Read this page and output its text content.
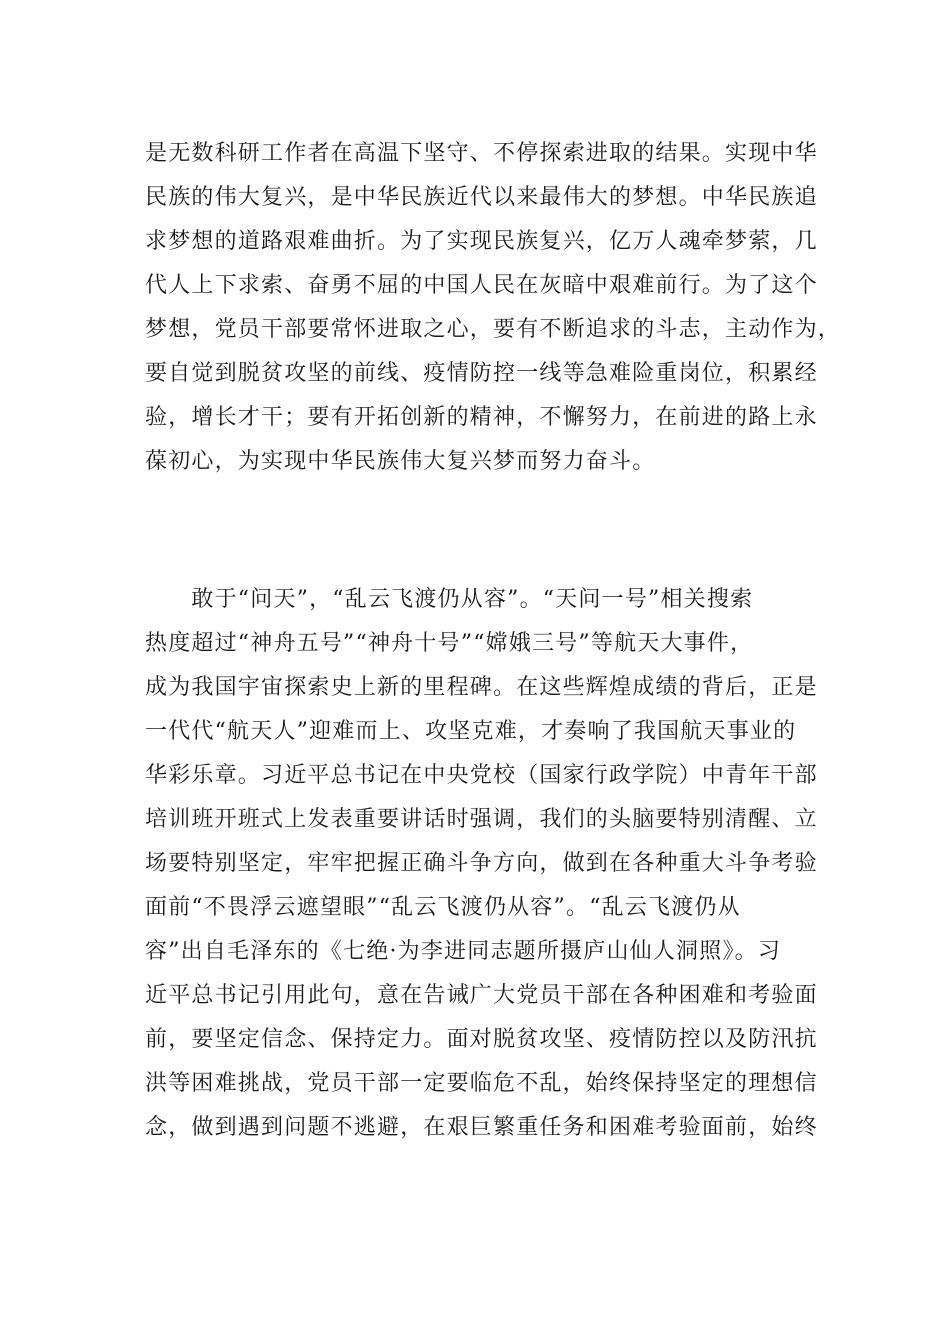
是无数科研工作者在高温下坚守、不停探索进取的结果。实现中华
民族的伟大复兴，是中华民族近代以来最伟大的梦想。中华民族追
求梦想的道路艰难曲折。为了实现民族复兴，亿万人魂牵梦萦，几
代人上下求索、奋勇不屈的中国人民在灰暗中艰难前行。为了这个
梦想，党员干部要常怀进取之心，要有不断追求的斗志，主动作为，
要自觉到脱贫攻坚的前线、疫情防控一线等急难险重岗位，积累经
验，增长才干；要有开拓创新的精神，不懈努力，在前进的路上永
葆初心，为实现中华民族伟大复兴梦而努力奋斗。
　　敢于“问天”，“乱云飞渡仍从容”。“天问一号”相关搜索
热度超过“神舟五号”“神舟十号”“嫦娥三号”等航天大事件，
成为我国宇宙探索史上新的里程碑。在这些辉煌成绩的背后，正是
一代代“航天人”迎难而上、攻坚克难，才奏响了我国航天事业的
华彩乐章。习近平总书记在中央党校（国家行政学院）中青年干部
培训班开班式上发表重要讲话时强调，我们的头脑要特别清醒、立
场要特别坚定，牢牢把握正确斗争方向，做到在各种重大斗争考验
面前“不畏浮云遮望眼”“乱云飞渡仍从容”。“乱云飞渡仍从
容”出自毛泽东的《七绝·为李进同志题所摄庐山仙人洞照》。习
近平总书记引用此句，意在告诫广大党员干部在各种困难和考验面
前，要坚定信念、保持定力。面对脱贫攻坚、疫情防控以及防汛抗
洪等困难挑战，党员干部一定要临危不乱，始终保持坚定的理想信
念，做到遇到问题不逃避，在艰巨繁重任务和困难考验面前，始终
